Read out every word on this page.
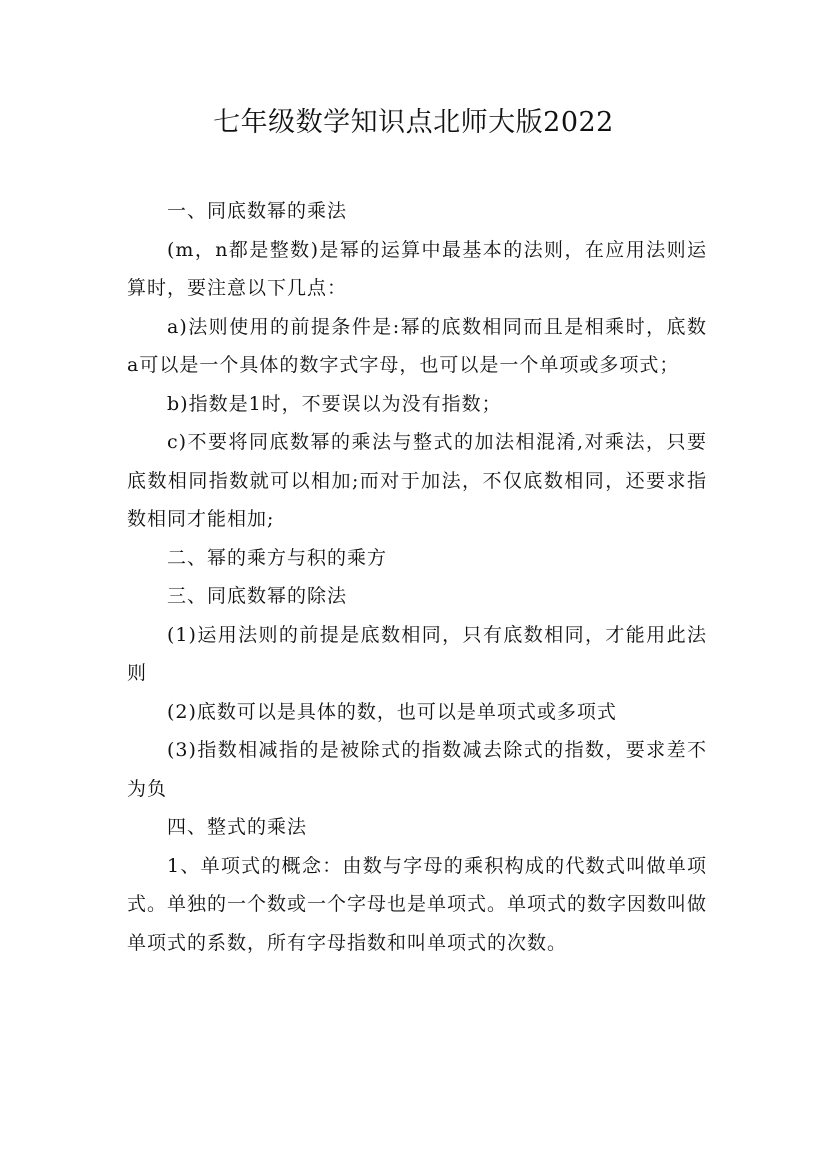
七年级数学知识点北师大版2022

一、同底数幂的乘法

(m，n都是整数)是幂的运算中最基本的法则，在应用法则运算时，要注意以下几点：

a)法则使用的前提条件是:幂的底数相同而且是相乘时，底数a可以是一个具体的数字式字母，也可以是一个单项或多项式；

b)指数是1时，不要误以为没有指数；

c)不要将同底数幂的乘法与整式的加法相混淆,对乘法，只要底数相同指数就可以相加;而对于加法，不仅底数相同，还要求指数相同才能相加;

二、幂的乘方与积的乘方

三、同底数幂的除法

(1)运用法则的前提是底数相同，只有底数相同，才能用此法则

(2)底数可以是具体的数，也可以是单项式或多项式

(3)指数相减指的是被除式的指数减去除式的指数，要求差不为负

四、整式的乘法

1、单项式的概念：由数与字母的乘积构成的代数式叫做单项式。单独的一个数或一个字母也是单项式。单项式的数字因数叫做单项式的系数，所有字母指数和叫单项式的次数。
